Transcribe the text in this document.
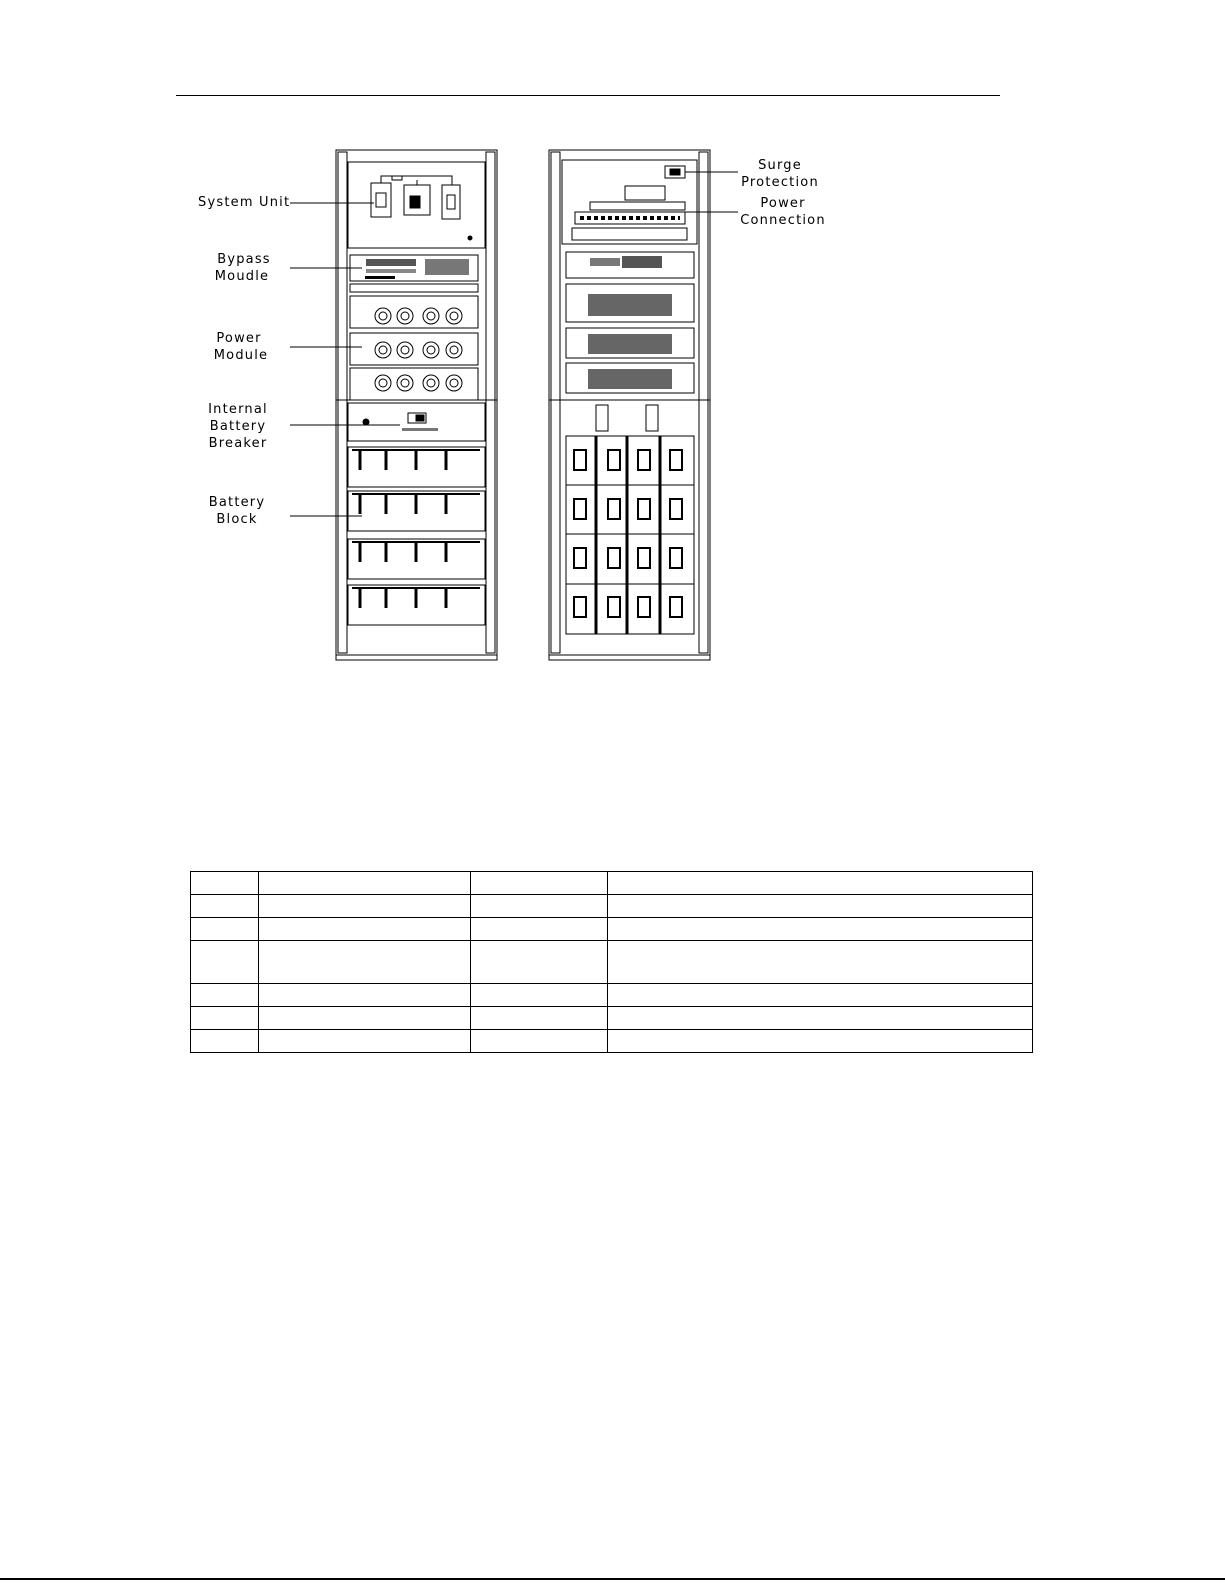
System Unit
Bypass
Moudle
Power
Module
Internal
Battery
Breaker
Battery
Block
Surge
Protection
Power
Connection
